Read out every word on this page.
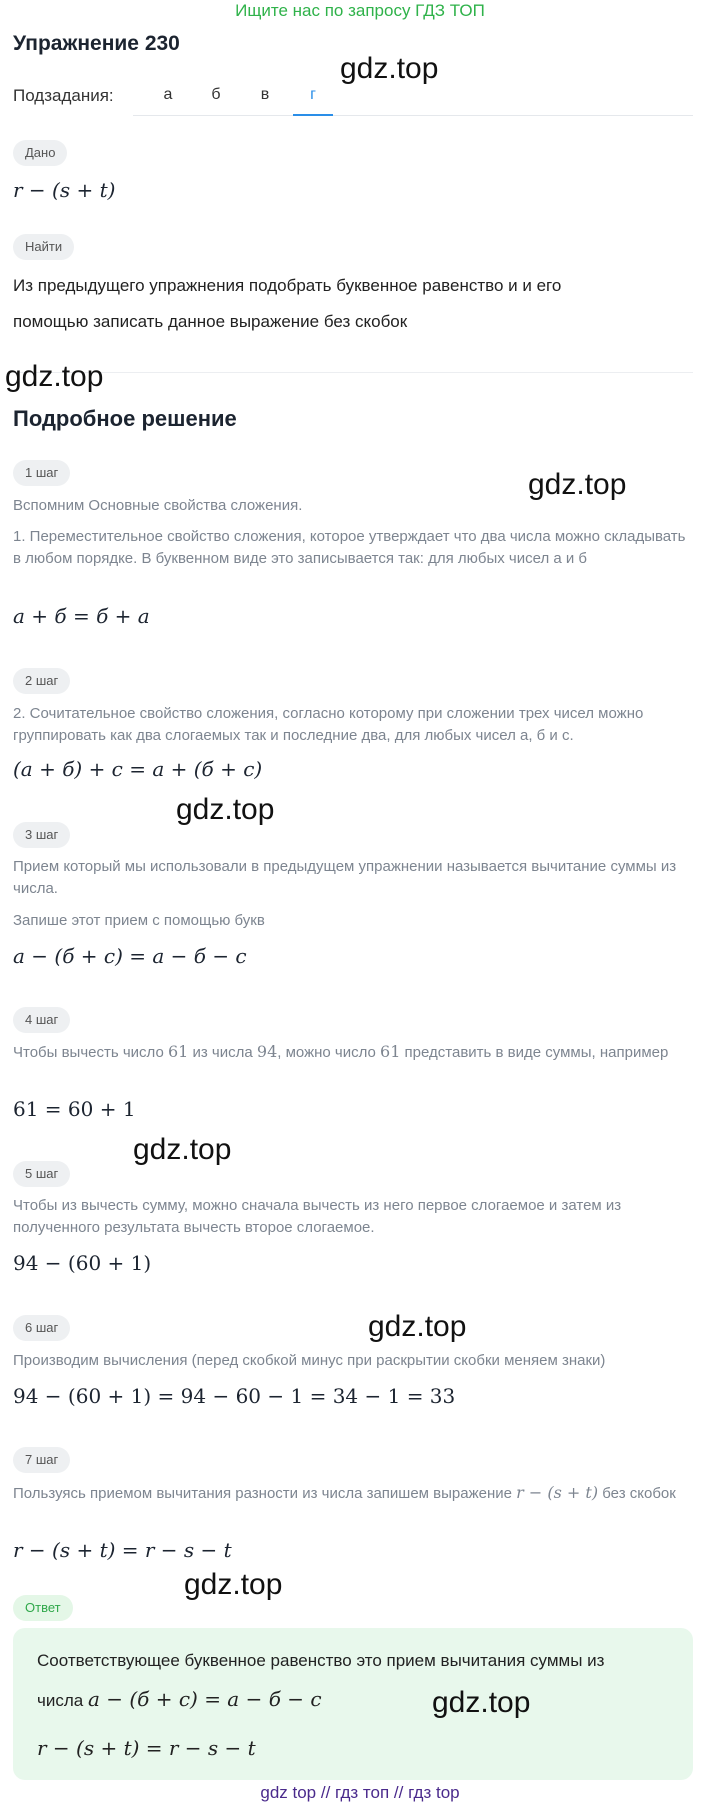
Ищите нас по запросу ГДЗ ТОП
Упражнение 230
Подзадания:	а	б	в	г
Дано
r − (s + t)
Найти
Из предыдущего упражнения подобрать буквенное равенство и и его
помощью записать данное выражение без скобок
Подробное решение
1 шаг
Вспомним Основные свойства сложения.
1. Переместительное свойство сложения, которое утверждает что два числа можно складывать в любом порядке. В буквенном виде это записывается так: для любых чисел а и б
а + б = б + а
2 шаг
2. Сочитательное свойство сложения, согласно которому при сложении трех чисел можно группировать как два слогаемых так и последние два, для любых чисел а, б и с.
(а + б) + с = а + (б + с)
3 шаг
Прием который мы использовали в предыдущем упражнении называется вычитание суммы из числа.
Запише этот прием с помощью букв
а − (б + с) = а − б − с
4 шаг
Чтобы вычесть число 61 из числа 94, можно число 61 представить в виде суммы, например
61 = 60 + 1
5 шаг
Чтобы из вычесть сумму, можно сначала вычесть из него первое слогаемое и затем из полученного результата вычесть второе слогаемое.
94 − (60 + 1)
6 шаг
Производим вычисления (перед скобкой минус при раскрытии скобки меняем знаки)
94 − (60 + 1) = 94 − 60 − 1 = 34 − 1 = 33
7 шаг
Пользуясь приемом вычитания разности из числа запишем выражение r − (s + t) без скобок
r − (s + t) = r − s − t
Ответ
Соответствующее буквенное равенство это прием вычитания суммы из
числа а − (б + с) = а − б − с
r − (s + t) = r − s − t
gdz.top
gdz.top
gdz.top
gdz.top
gdz.top
gdz.top
gdz.top
gdz.top
gdz top // гдз топ // гдз top
